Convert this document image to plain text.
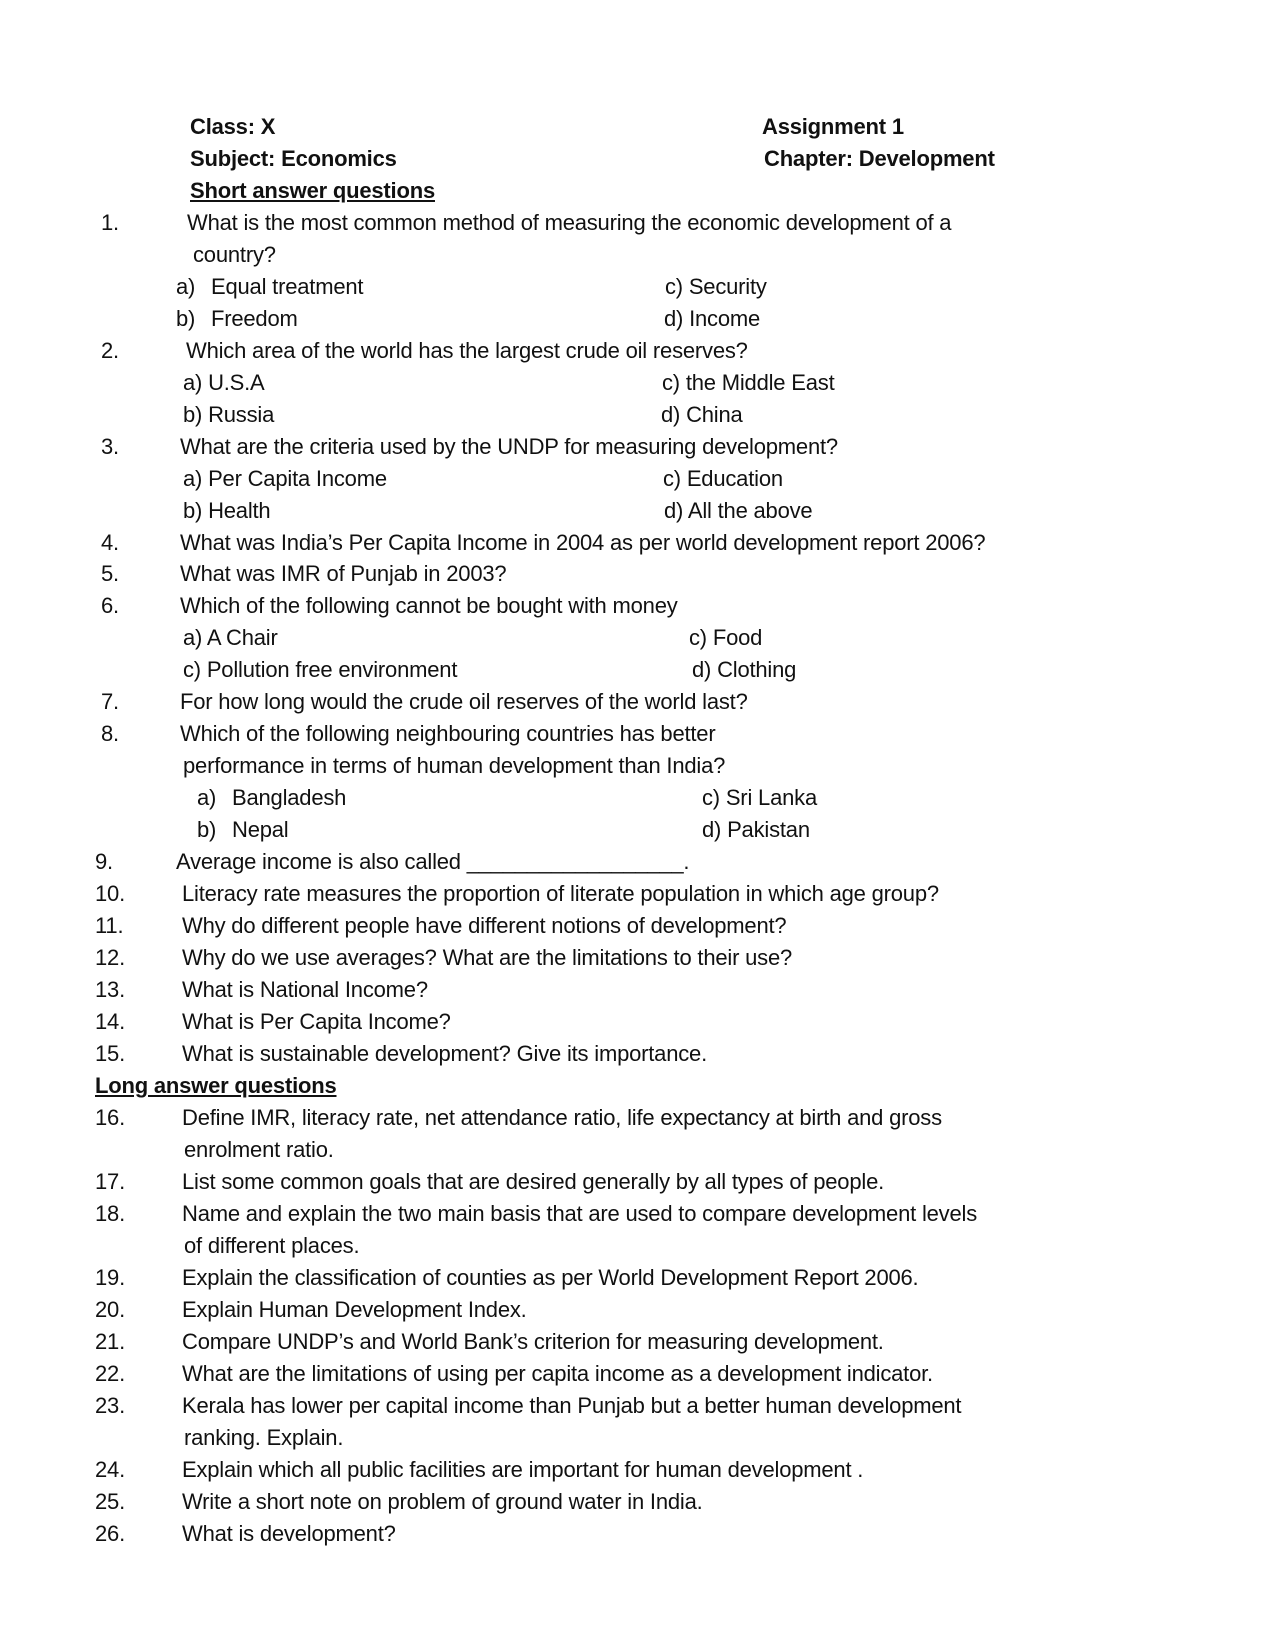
Class: X	Assignment 1
Subject: Economics	Chapter: Development
Short answer questions
1.	What is the most common method of measuring the economic development of a
country?
a) Equal treatment	c) Security
b) Freedom	d) Income
2.	Which area of the world has the largest crude oil reserves?
a) U.S.A	c) the Middle East
b) Russia	d) China
3.	What are the criteria used by the UNDP for measuring development?
a) Per Capita Income	c) Education
b) Health	d) All the above
4.	What was India’s Per Capita Income in 2004 as per world development report 2006?
5.	What was IMR of Punjab in 2003?
6.	Which of the following cannot be bought with money
a) A Chair	c) Food
c) Pollution free environment	d) Clothing
7.	For how long would the crude oil reserves of the world last?
8.	Which of the following neighbouring countries has better
performance in terms of human development than India?
a) Bangladesh	c) Sri Lanka
b) Nepal	d) Pakistan
9.	Average income is also called __________________.
10.	Literacy rate measures the proportion of literate population in which age group?
11.	Why do different people have different notions of development?
12.	Why do we use averages? What are the limitations to their use?
13.	What is National Income?
14.	What is Per Capita Income?
15.	What is sustainable development? Give its importance.
Long answer questions
16.	Define IMR, literacy rate, net attendance ratio, life expectancy at birth and gross
enrolment ratio.
17.	List some common goals that are desired generally by all types of people.
18.	Name and explain the two main basis that are used to compare development levels
of different places.
19.	Explain the classification of counties as per World Development Report 2006.
20.	Explain Human Development Index.
21.	Compare UNDP’s and World Bank’s criterion for measuring development.
22.	What are the limitations of using per capita income as a development indicator.
23.	Kerala has lower per capital income than Punjab but a better human development
ranking. Explain.
24.	Explain which all public facilities are important for human development .
25.	Write a short note on problem of ground water in India.
26.	What is development?
